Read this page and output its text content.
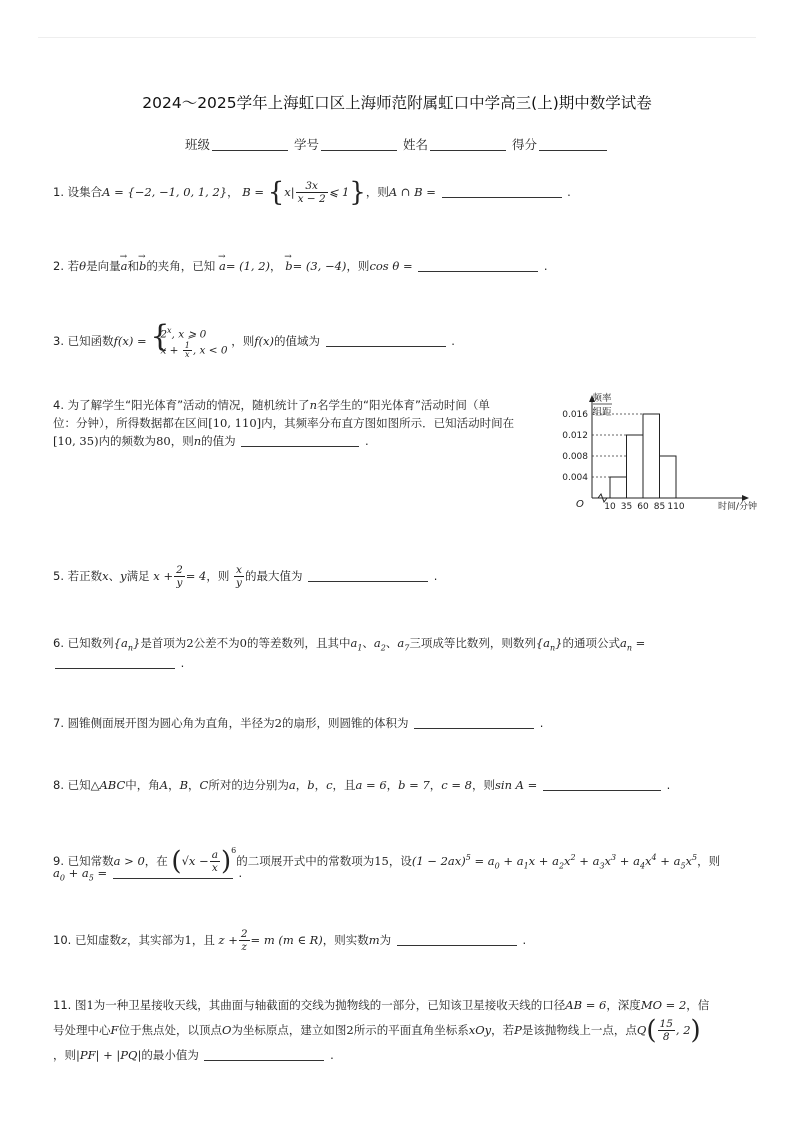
2024～2025学年上海虹口区上海师范附属虹口中学高三(上)期中数学试卷
班级	学号	姓名	得分
1. 设集合A = {−2, −1, 0, 1, 2}， $B = \{x| \frac{3x}{x - 2}$ ⩽ 1}，则A ∩ B =	.
2. 若θ是向量→ a和→ b的夹角，已知 → a= (1, 2)， → b= (3, −4)，则cos θ =	.
3. 已知函数f(x) = { 2$^x$, x ⩾ 0
$x + \frac{1}{x}$ , x < 0
，则f(x)的值域为	.
4. 为了解学生“阳光体育”活动的情况，随机统计了n名学生的“阳光体育”活动时间（单
位：分钟），所得数据都在区间[10, 110]内，其频率分布直方图如图所示．已知活动时间在
[10, 35)内的频数为80，则n的值为	.
频率
组距
O
0.004
0.008
0.012
0.016
10 35 60 85 110	时间/分钟
5. 若正数x、y满足 $x + \frac{2}{y} = 4$，则 $\frac{x}{y}$ 的最大值为	.
6. 已知数列$\{a_n\}$是首项为2公差不为0的等差数列，且其中$a_1$、$a_2$、$a_7$三项成等比数列，则数列$\{a_n\}$的通项公式$a_n$ =
.
7. 圆锥侧面展开图为圆心角为直角，半径为2的扇形，则圆锥的体积为	.
8. 已知△ABC中，角A，B，C所对的边分别为a，b，c，且a = 6，b = 7，c = 8，则sin A =	.
9. 已知常数a > 0，在 $(√x - \frac{a}{x} )^6$的二项展开式中的常数项为15，设$(1 - 2ax)^5 = a_0 + a_1x + a_2x^2 + a_3x^3 + a_4x^4 + a_5x^5$，则
$a_0 + a_5$ =	.
10. 已知虚数z，其实部为1，且 $z + \frac{2}{z} = m$ (m ∈ R)，则实数m为	.
11. 图1为一种卫星接收天线，其曲面与轴截面的交线为抛物线的一部分，已知该卫星接收天线的口径AB = 6，深度MO = 2，信
号处理中心F位于焦点处，以顶点O为坐标原点，建立如图2所示的平面直角坐标系xOy，若P是该抛物线上一点，点$Q( \frac{15}{8}$ , 2)
，则|PF| + |PQ|的最小值为	.
